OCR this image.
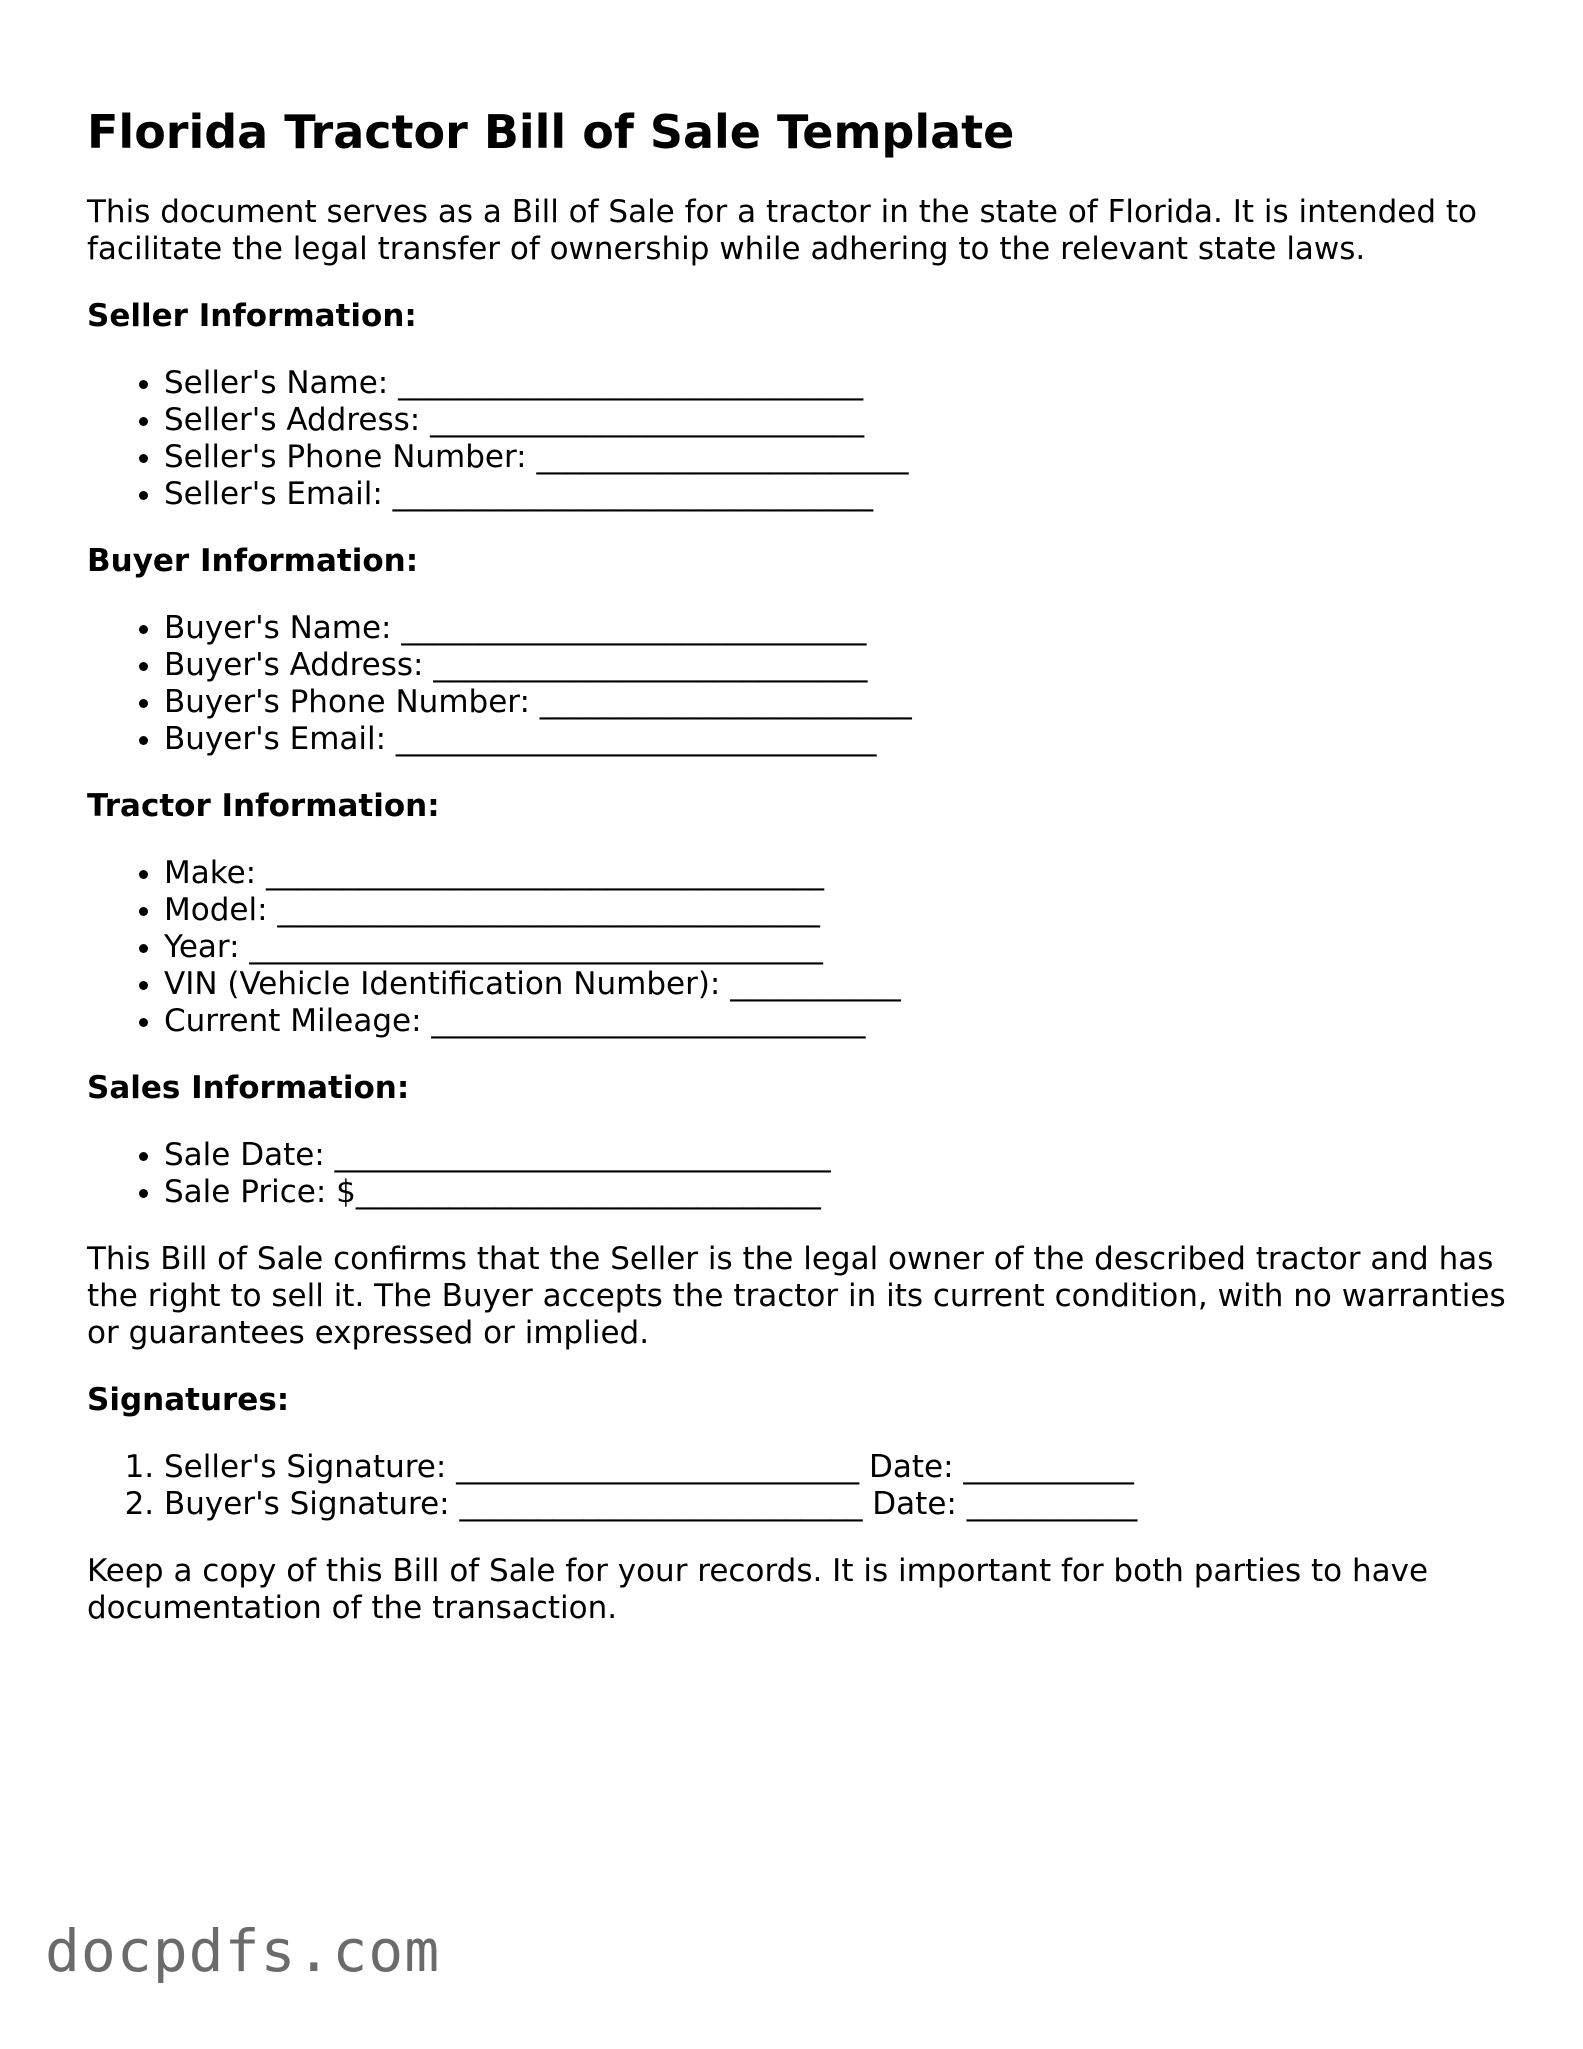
Florida Tractor Bill of Sale Template

This document serves as a Bill of Sale for a tractor in the state of Florida. It is intended to facilitate the legal transfer of ownership while adhering to the relevant state laws.

Seller Information:
• Seller's Name: ______________________________
• Seller's Address: ____________________________
• Seller's Phone Number: ________________________
• Seller's Email: _______________________________
Buyer Information:
• Buyer's Name: ______________________________
• Buyer's Address: ____________________________
• Buyer's Phone Number: ________________________
• Buyer's Email: _______________________________
Tractor Information:
• Make: ____________________________________
• Model: ___________________________________
• Year: _____________________________________
• VIN (Vehicle Identification Number): ___________
• Current Mileage: ____________________________
Sales Information:
• Sale Date: ________________________________
• Sale Price: $______________________________

This Bill of Sale confirms that the Seller is the legal owner of the described tractor and has the right to sell it. The Buyer accepts the tractor in its current condition, with no warranties or guarantees expressed or implied.

Signatures:
1. Seller's Signature: __________________________ Date: ___________
2. Buyer's Signature: __________________________ Date: ___________

Keep a copy of this Bill of Sale for your records. It is important for both parties to have documentation of the transaction.

docpdfs.com
